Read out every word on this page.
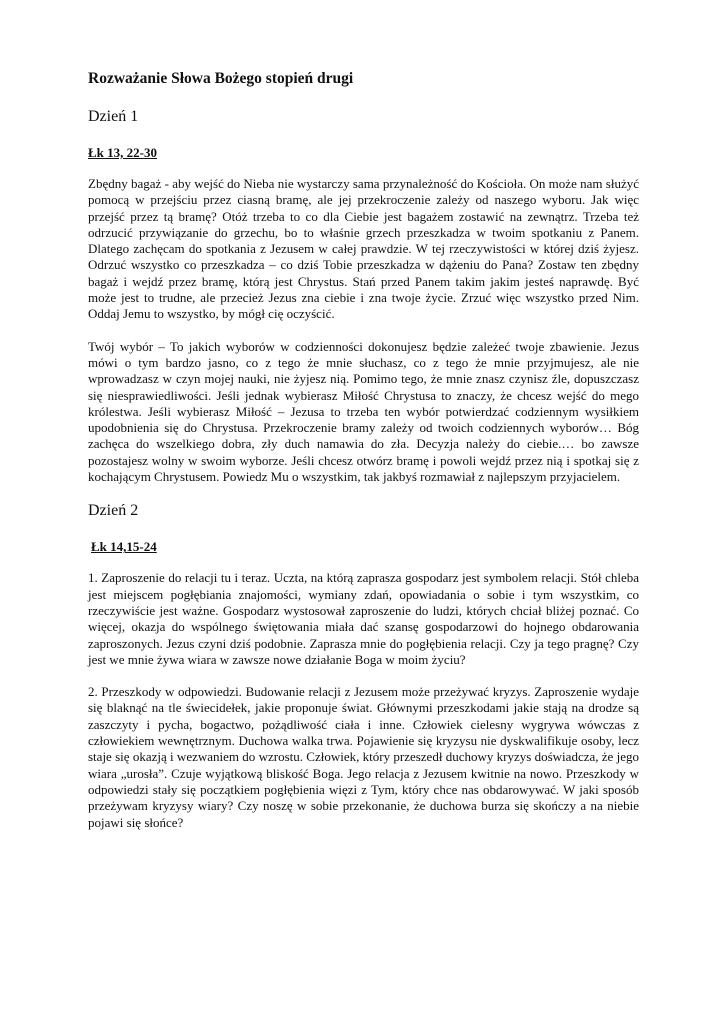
Rozważanie Słowa Bożego stopień drugi
Dzień 1
Łk 13, 22-30

Zbędny bagaż - aby wejść do Nieba nie wystarczy sama przynależność do Kościoła. On może nam służyć pomocą w przejściu przez ciasną bramę, ale jej przekroczenie zależy od naszego wyboru. Jak więc przejść przez tą bramę? Otóż trzeba to co dla Ciebie jest bagażem zostawić na zewnątrz. Trzeba też odrzucić przywiązanie do grzechu, bo to właśnie grzech przeszkadza w twoim spotkaniu z Panem. Dlatego zachęcam do spotkania z Jezusem w całej prawdzie. W tej rzeczywistości w której dziś żyjesz. Odrzuć wszystko co przeszkadza – co dziś Tobie przeszkadza w dążeniu do Pana? Zostaw ten zbędny bagaż i wejdź przez bramę, którą jest Chrystus. Stań przed Panem takim jakim jesteś naprawdę. Być może jest to trudne, ale przecież Jezus zna ciebie i zna twoje życie. Zrzuć więc wszystko przed Nim. Oddaj Jemu to wszystko, by mógł cię oczyścić.

Twój wybór – To jakich wyborów w codzienności dokonujesz będzie zależeć twoje zbawienie. Jezus mówi o tym bardzo jasno, co z tego że mnie słuchasz, co z tego że mnie przyjmujesz, ale nie wprowadzasz w czyn mojej nauki, nie żyjesz nią. Pomimo tego, że mnie znasz czynisz źle, dopuszczasz się niesprawiedliwości. Jeśli jednak wybierasz Miłość Chrystusa to znaczy, że chcesz wejść do mego królestwa. Jeśli wybierasz Miłość – Jezusa to trzeba ten wybór potwierdzać codziennym wysiłkiem upodobnienia się do Chrystusa. Przekroczenie bramy zależy od twoich codziennych wyborów… Bóg zachęca do wszelkiego dobra, zły duch namawia do zła. Decyzja należy do ciebie.… bo zawsze pozostajesz wolny w swoim wyborze. Jeśli chcesz otwórz bramę i powoli wejdź przez nią i spotkaj się z kochającym Chrystusem. Powiedz Mu o wszystkim, tak jakbyś rozmawiał z najlepszym przyjacielem.

Dzień 2
Łk 14,15-24

1. Zaproszenie do relacji tu i teraz. Uczta, na którą zaprasza gospodarz jest symbolem relacji. Stół chleba jest miejscem pogłębiania znajomości, wymiany zdań, opowiadania o sobie i tym wszystkim, co rzeczywiście jest ważne. Gospodarz wystosował zaproszenie do ludzi, których chciał bliżej poznać. Co więcej, okazja do wspólnego świętowania miała dać szansę gospodarzowi do hojnego obdarowania zaproszonych. Jezus czyni dziś podobnie. Zaprasza mnie do pogłębienia relacji. Czy ja tego pragnę? Czy jest we mnie żywa wiara w zawsze nowe działanie Boga w moim życiu?

2. Przeszkody w odpowiedzi. Budowanie relacji z Jezusem może przeżywać kryzys. Zaproszenie wydaje się blaknąć na tle świecidełek, jakie proponuje świat. Głównymi przeszkodami jakie stają na drodze są zaszczyty i pycha, bogactwo, pożądliwość ciała i inne. Człowiek cielesny wygrywa wówczas z człowiekiem wewnętrznym. Duchowa walka trwa. Pojawienie się kryzysu nie dyskwalifikuje osoby, lecz staje się okazją i wezwaniem do wzrostu. Człowiek, który przeszedł duchowy kryzys doświadcza, że jego wiara „urosła”. Czuje wyjątkową bliskość Boga. Jego relacja z Jezusem kwitnie na nowo. Przeszkody w odpowiedzi stały się początkiem pogłębienia więzi z Tym, który chce nas obdarowywać. W jaki sposób przeżywam kryzysy wiary? Czy noszę w sobie przekonanie, że duchowa burza się skończy a na niebie pojawi się słońce?
